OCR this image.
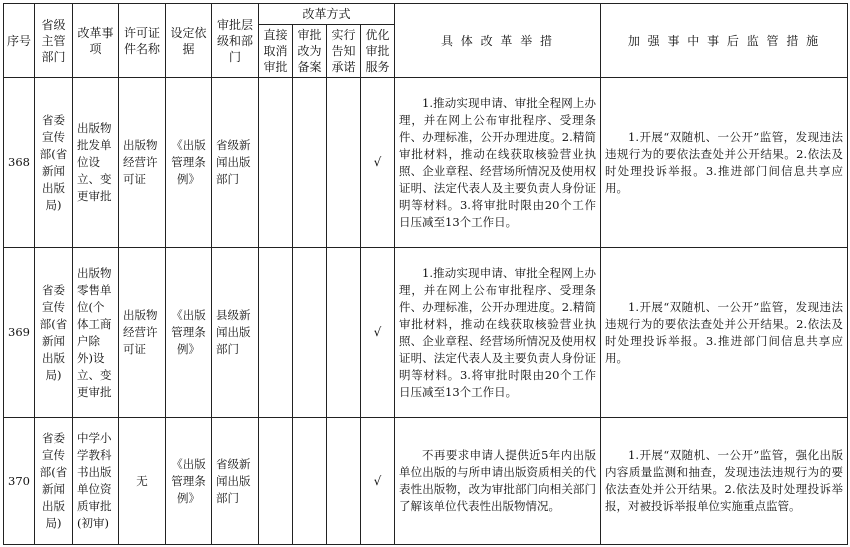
序号	省级主管部门	改革事项	许可证件名称	设定依据	审批层级和部门	改革方式				具 体 改 革 举 措	加 强 事 中 事 后 监 管 措 施
						直接取消审批	审批改为备案	实行告知承诺	优化审批服务		
368	省委宣传部(省新闻出版局)	出版物批发单位设立、变更审批	出版物经营许可证	《出版管理条例》	省级新闻出版部门				√	1.推动实现申请、审批全程网上办理，并在网上公布审批程序、受理条件、办理标准，公开办理进度。2.精简审批材料，推动在线获取核验营业执照、企业章程、经营场所情况及使用权证明、法定代表人及主要负责人身份证明等材料。3.将审批时限由20个工作日压减至13个工作日。	1.开展“双随机、一公开”监管，发现违法违规行为的要依法查处并公开结果。2.依法及时处理投诉举报。3.推进部门间信息共享应用。
369	省委宣传部(省新闻出版局)	出版物零售单位(个体工商户除外)设立、变更审批	出版物经营许可证	《出版管理条例》	县级新闻出版部门				√	1.推动实现申请、审批全程网上办理，并在网上公布审批程序、受理条件、办理标准，公开办理进度。2.精简审批材料，推动在线获取核验营业执照、企业章程、经营场所情况及使用权证明、法定代表人及主要负责人身份证明等材料。3.将审批时限由20个工作日压减至13个工作日。	1.开展“双随机、一公开”监管，发现违法违规行为的要依法查处并公开结果。2.依法及时处理投诉举报。3.推进部门间信息共享应用。
370	省委宣传部(省新闻出版局)	中学小学教科书出版单位资质审批(初审)	无	《出版管理条例》	省级新闻出版部门				√	不再要求申请人提供近5年内出版单位出版的与所申请出版资质相关的代表性出版物，改为审批部门向相关部门了解该单位代表性出版物情况。	1.开展“双随机、一公开”监管，强化出版内容质量监测和抽查，发现违法违规行为的要依法查处并公开结果。2.依法及时处理投诉举报，对被投诉举报单位实施重点监管。
